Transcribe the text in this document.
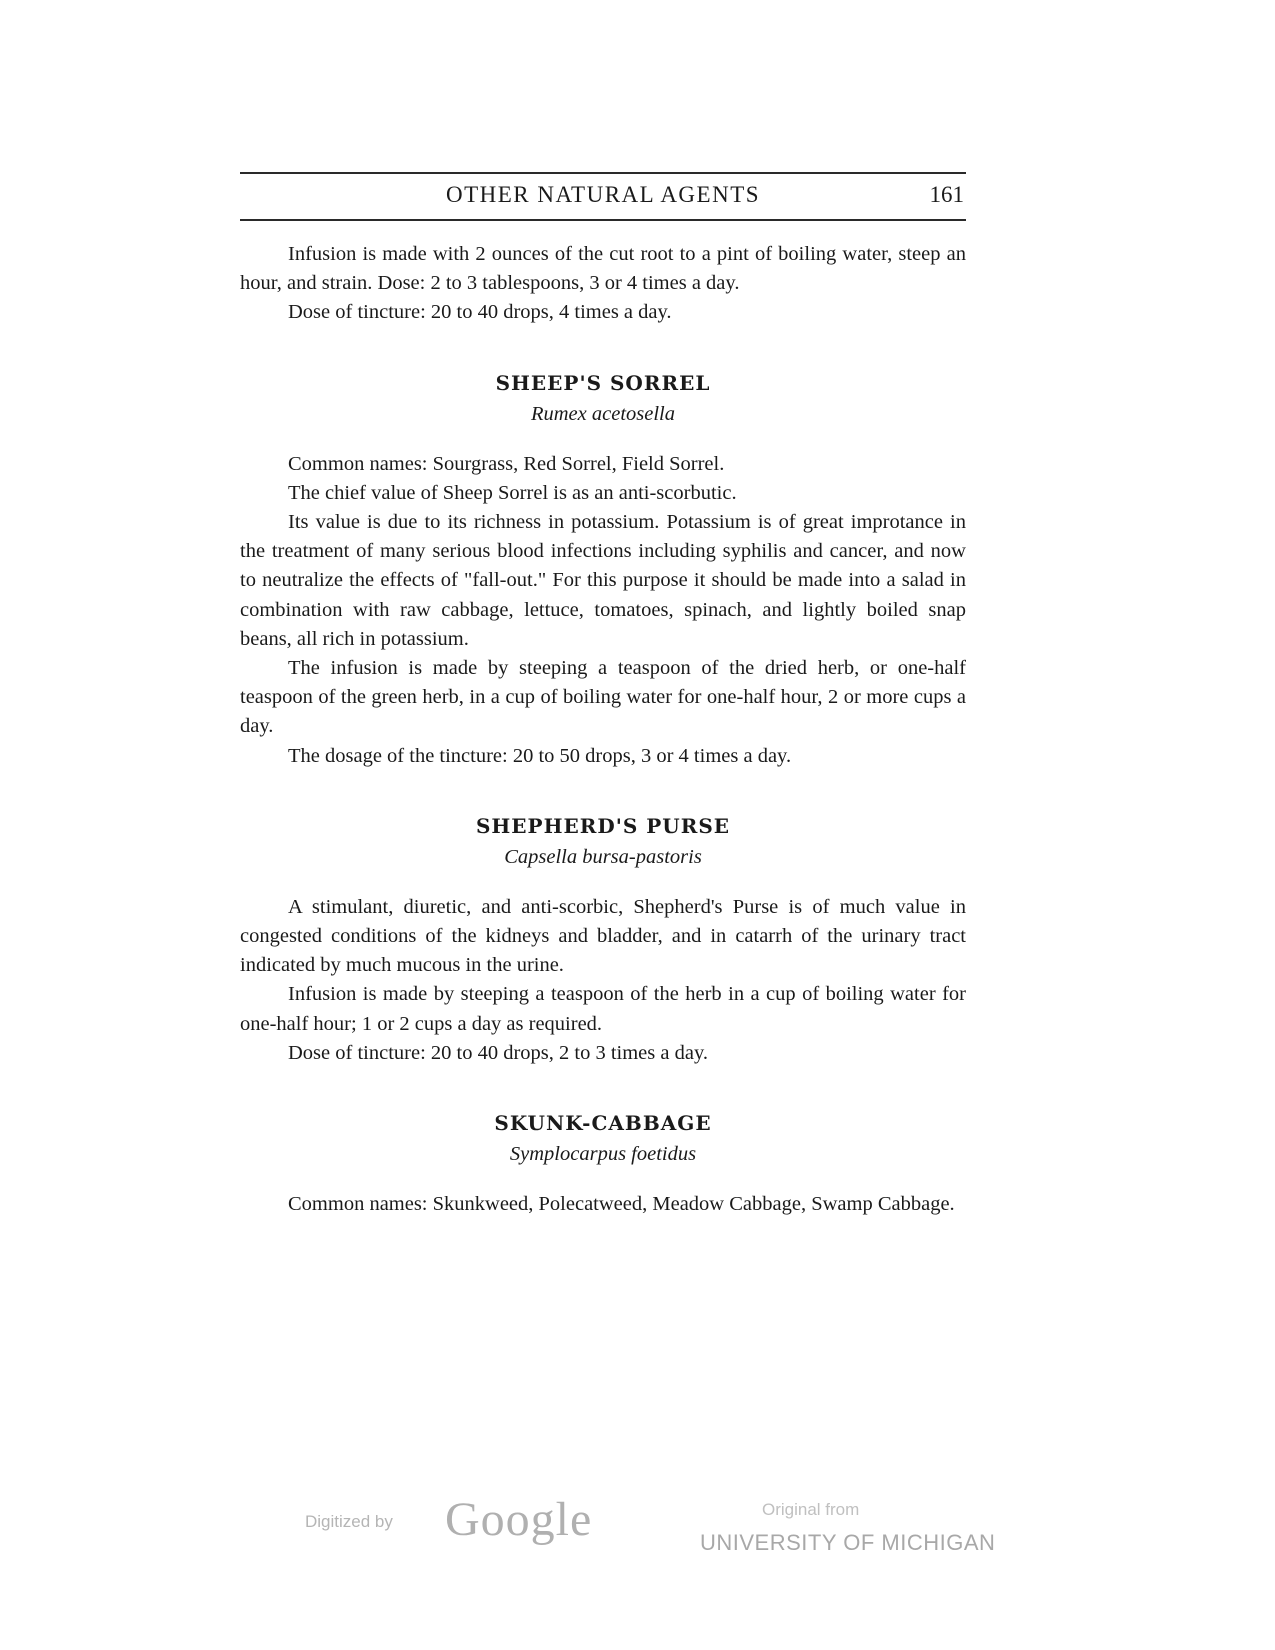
OTHER NATURAL AGENTS	161

Infusion is made with 2 ounces of the cut root to a pint of boiling water, steep an hour, and strain. Dose: 2 to 3 tablespoons, 3 or 4 times a day.

Dose of tincture: 20 to 40 drops, 4 times a day.

SHEEP'S SORREL
Rumex acetosella

Common names: Sourgrass, Red Sorrel, Field Sorrel.

The chief value of Sheep Sorrel is as an anti-scorbutic.

Its value is due to its richness in potassium. Potassium is of great improtance in the treatment of many serious blood infections including syphilis and cancer, and now to neutralize the effects of "fall-out." For this purpose it should be made into a salad in combination with raw cabbage, lettuce, tomatoes, spinach, and lightly boiled snap beans, all rich in potassium.

The infusion is made by steeping a teaspoon of the dried herb, or one-half teaspoon of the green herb, in a cup of boiling water for one-half hour, 2 or more cups a day.

The dosage of the tincture: 20 to 50 drops, 3 or 4 times a day.

SHEPHERD'S PURSE
Capsella bursa-pastoris

A stimulant, diuretic, and anti-scorbic, Shepherd's Purse is of much value in congested conditions of the kidneys and bladder, and in catarrh of the urinary tract indicated by much mucous in the urine.

Infusion is made by steeping a teaspoon of the herb in a cup of boiling water for one-half hour; 1 or 2 cups a day as required.

Dose of tincture: 20 to 40 drops, 2 to 3 times a day.

SKUNK-CABBAGE
Symplocarpus foetidus

Common names: Skunkweed, Polecatweed, Meadow Cabbage, Swamp Cabbage.

Digitized by Google	Original from
UNIVERSITY OF MICHIGAN
